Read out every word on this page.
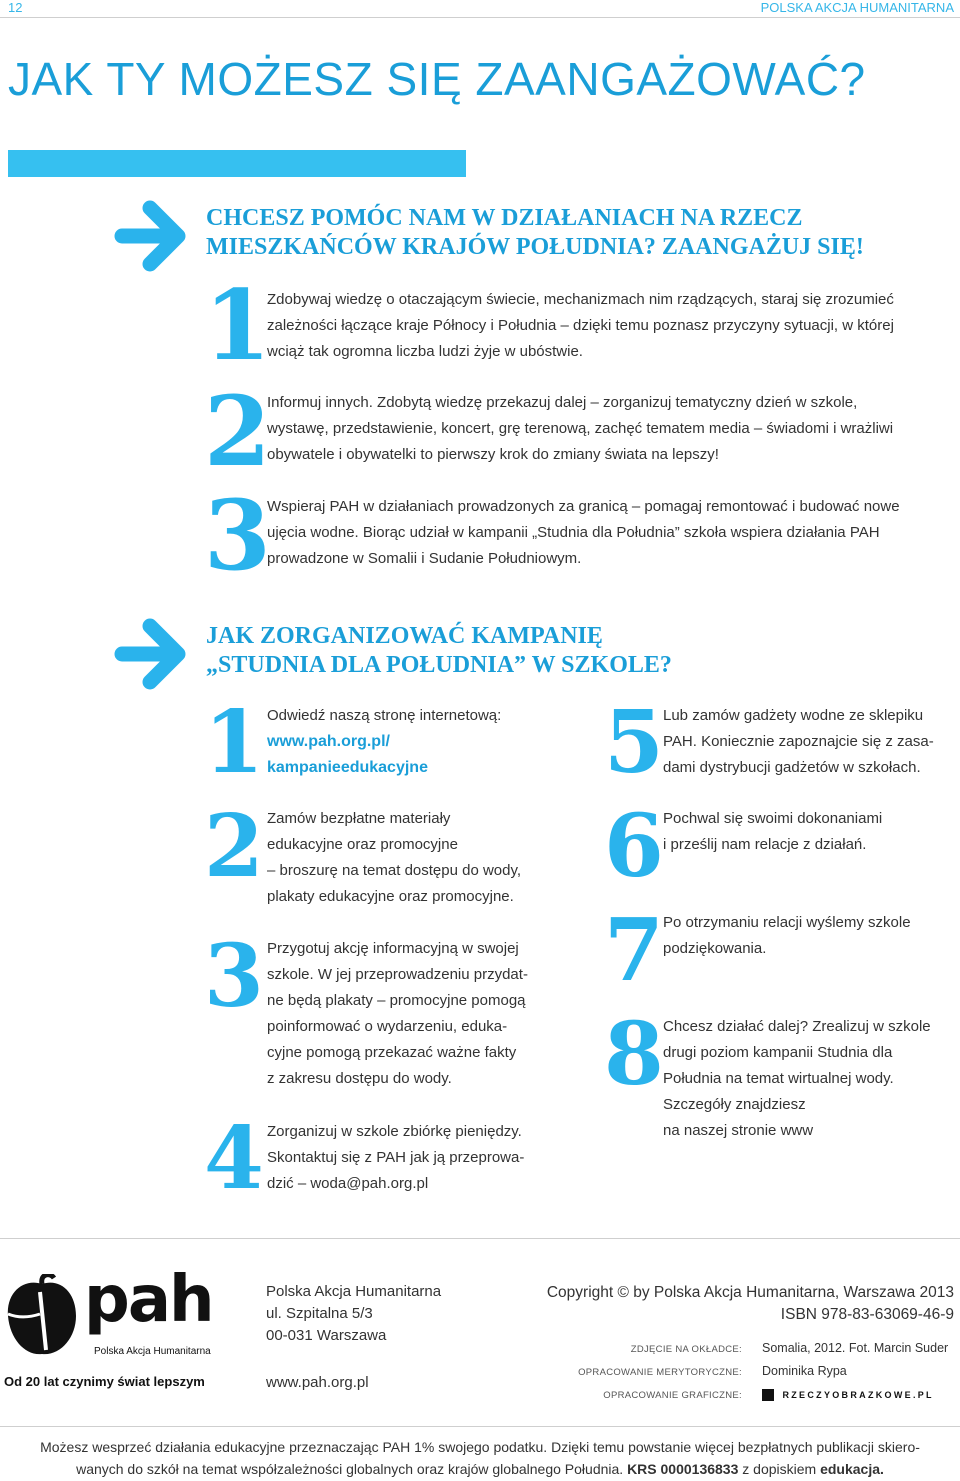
12	POLSKA AKCJA HUMANITARNA
JAK TY MOŻESZ SIĘ ZAANGAŻOWAĆ?
CHCESZ POMÓC NAM W DZIAŁANIACH NA RZECZ
MIESZKAŃCÓW KRAJÓW POŁUDNIA? ZAANGAŻUJ SIĘ!
1
Zdobywaj wiedzę o otaczającym świecie, mechanizmach nim rządzących, staraj się zrozumieć
zależności łączące kraje Północy i Południa – dzięki temu poznasz przyczyny sytuacji, w której
wciąż tak ogromna liczba ludzi żyje w ubóstwie.
2
Informuj innych. Zdobytą wiedzę przekazuj dalej – zorganizuj tematyczny dzień w szkole,
wystawę, przedstawienie, koncert, grę terenową, zachęć tematem media – świadomi i wrażliwi
obywatele i obywatelki to pierwszy krok do zmiany świata na lepszy!
3
Wspieraj PAH w działaniach prowadzonych za granicą – pomagaj remontować i budować nowe
ujęcia wodne. Biorąc udział w kampanii „Studnia dla Południa” szkoła wspiera działania PAH
prowadzone w Somalii i Sudanie Południowym.
JAK ZORGANIZOWAĆ KAMPANIĘ
„STUDNIA DLA POŁUDNIA” W SZKOLE?
1 Odwiedź naszą stronę internetową:
www.pah.org.pl/
kampanieedukacyjne
2 Zamów bezpłatne materiały
edukacyjne oraz promocyjne
– broszurę na temat dostępu do wody,
plakaty edukacyjne oraz promocyjne.
3 Przygotuj akcję informacyjną w swojej
szkole. W jej przeprowadzeniu przydat-
ne będą plakaty – promocyjne pomogą
poinformować o wydarzeniu, eduka-
cyjne pomogą przekazać ważne fakty
z zakresu dostępu do wody.
4 Zorganizuj w szkole zbiórkę pieniędzy.
Skontaktuj się z PAH jak ją przeprowa-
dzić – woda@pah.org.pl
5 Lub zamów gadżety wodne ze sklepiku
PAH. Koniecznie zapoznajcie się z zasa-
dami dystrybucji gadżetów w szkołach.
6 Pochwal się swoimi dokonaniami
i prześlij nam relacje z działań.
7 Po otrzymaniu relacji wyślemy szkole
podziękowania.
8 Chcesz działać dalej? Zrealizuj w szkole
drugi poziom kampanii Studnia dla
Południa na temat wirtualnej wody.
Szczegóły znajdziesz
na naszej stronie www
pah
Polska Akcja Humanitarna
Od 20 lat czynimy świat lepszym
Polska Akcja Humanitarna
ul. Szpitalna 5/3
00-031 Warszawa
www.pah.org.pl
Copyright © by Polska Akcja Humanitarna, Warszawa 2013
ISBN 978-83-63069-46-9
ZDJĘCIE NA OKŁADCE: Somalia, 2012. Fot. Marcin Suder
OPRACOWANIE MERYTORYCZNE: Dominika Rypa
OPRACOWANIE GRAFICZNE:	RZECZYOBRAZKOWE.PL
Możesz wesprzeć działania edukacyjne przeznaczając PAH 1% swojego podatku. Dzięki temu powstanie więcej bezpłatnych publikacji skiero-
wanych do szkół na temat współzależności globalnych oraz krajów globalnego Południa. KRS 0000136833 z dopiskiem edukacja.
